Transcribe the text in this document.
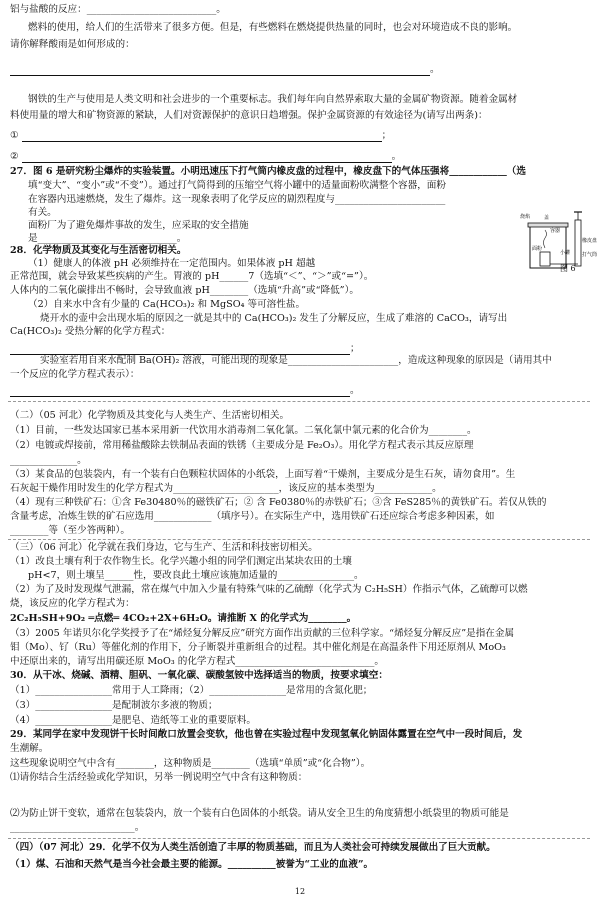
铝与盐酸的反应：___________________________。
燃料的使用，给人们的生活带来了很多方便。但是，有些燃料在燃烧提供热量的同时，也会对环境造成不良的影响。
请你解释酸雨是如何形成的：
。
钢铁的生产与使用是人类文明和社会进步的一个重要标志。我们每年向自然界索取大量的金属矿物资源。随着金属材
料使用量的增大和矿物资源的紧缺，人们对资源保护的意识日趋增强。保护金属资源的有效途径为(请写出两条)：
①	；
②	。
27．图 6 是研究粉尘爆炸的实验装置。小明迅速压下打气筒内橡皮盘的过程中，橡皮盘下的气体压强将____________（选
填“变大”、“变小”或“不变”）。通过打气筒得到的压缩空气将小罐中的适量面粉吹满整个容器，面粉
在容器内迅速燃烧，发生了爆炸。这一现象表明了化学反应的剧烈程度与_______________________
有关。
面粉厂为了避免爆炸事故的发生，应采取的安全措施
是_____________________________。
烧焰	盖
容器
面粉
小罐
橡皮盘
打气筒
图 6
28．化学物质及其变化与生活密切相关。
（1）健康人的体液 pH 必须维持在一定范围内。如果体液 pH 超越
正常范围，就会导致某些疾病的产生。胃液的 pH______7（选填“＜”、“＞”或“=”）。
人体内的二氧化碳排出不畅时，会导致血液 pH________（选填“升高”或“降低”）。
（2）自来水中含有少量的 Ca(HCO₃)₂ 和 MgSO₄ 等可溶性盐。
烧开水的壶中会出现水垢的原因之一就是其中的 Ca(HCO₃)₂ 发生了分解反应，生成了难溶的 CaCO₃，请写出
Ca(HCO₃)₂ 受热分解的化学方程式：
；
实验室若用自来水配制 Ba(OH)₂ 溶液，可能出现的现象是_______________________，造成这种现象的原因是（请用其中
一个反应的化学方程式表示）：
。
（二）（05 河北）化学物质及其变化与人类生产、生活密切相关。
（1）目前，一些发达国家已基本采用新一代饮用水消毒剂二氧化氯。二氧化氯中氯元素的化合价为________。
（2）电镀或焊接前，常用稀盐酸除去铁制品表面的铁锈（主要成分是 Fe₂O₃）。用化学方程式表示其反应原理
______________。
（3）某食品的包装袋内，有一个装有白色颗粒状固体的小纸袋，上面写着“干燥剂，主要成分是生石灰，请勿食用”。生
石灰起干燥作用时发生的化学方程式为______________________，该反应的基本类型为____________。
（4）现有三种铁矿石：①含 Fe30480％的磁铁矿石；② 含 Fe0380％的赤铁矿石；③含 FeS285％的黄铁矿石。若仅从铁的
含量考虑，冶炼生铁的矿石应选用____________（填序号）。在实际生产中，选用铁矿石还应综合考虑多种因素，如
________等（至少答两种）。
（三）（06 河北）化学就在我们身边，它与生产、生活和科技密切相关。
（1）改良土壤有利于农作物生长。化学兴趣小组的同学们测定出某块农田的土壤
pH<7，则土壤呈______性，要改良此土壤应该施加适量的________________。
（2）为了及时发现煤气泄漏，常在煤气中加入少量有特殊气味的乙硫醇（化学式为 C₂H₅SH）作指示气体，乙硫醇可以燃
烧，该反应的化学方程式为：
2C₂H₅SH+9O₂ ═点燃═ 4CO₂+2X+6H₂O。请推断 X 的化学式为________。
（3）2005 年诺贝尔化学奖授予了在“烯烃复分解反应”研究方面作出贡献的三位科学家。“烯烃复分解反应”是指在金属
钼（Mo）、钌（Ru）等催化剂的作用下，分子断裂并重新组合的过程。其中催化剂是在高温条件下用还原剂从 MoO₃
中还原出来的，请写出用碳还原 MoO₃ 的化学方程式_____________________________。
30．从干冰、烧碱、酒精、胆矾、一氧化碳、碳酸氢铵中选择适当的物质，按要求填空：
（1）________________常用于人工降雨；（2）________________是常用的含氮化肥；
（3）________________是配制波尔多液的物质；
（4）________________是肥皂、造纸等工业的重要原料。
29．某同学在家中发现饼干长时间敞口放置会变软，他也曾在实验过程中发现氢氧化钠固体露置在空气中一段时间后，发
生潮解。
这些现象说明空气中含有________，这种物质是________（选填“单质”或“化合物”）。
⑴请你结合生活经验或化学知识，另举一例说明空气中含有这种物质：
⑵为防止饼干变软，通常在包装袋内，放一个装有白色固体的小纸袋。请从安全卫生的角度猜想小纸袋里的物质可能是
__________________________。
（四）（07 河北）29．化学不仅为人类生活创造了丰厚的物质基础，而且为人类社会可持续发展做出了巨大贡献。
（1）煤、石油和天然气是当今社会最主要的能源。__________被誉为“工业的血液”。
12
